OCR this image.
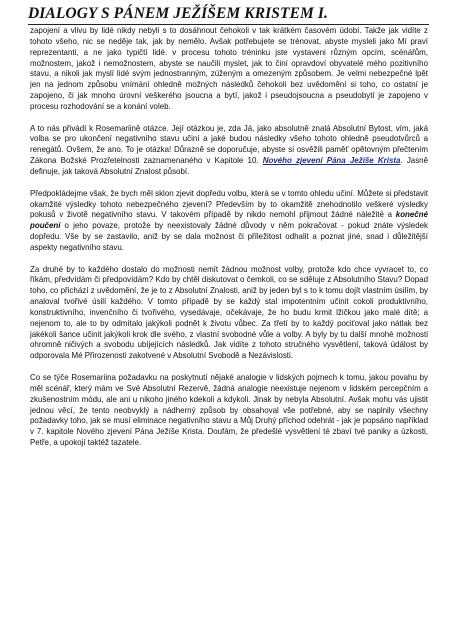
DIALOGY S PÁNEM JEŽÍŠEM KRISTEM I.

zapojení a vlivu by lidé nikdy nebyli s to dosáhnout čehokoli v tak krátkém časovém údobí. Takže jak vidíte z tohoto všeho, nic se neděje tak, jak by nemělo. Avšak potřebujete se trénovat, abyste mysleli jako Mí praví reprezentanti, a ne jako typičtí lidé. v procesu tohoto tréninku jste vystaveni různým opcím, scénářům, možnostem, jakož i nemožnostem, abyste se naučili myslet, jak to činí opravdoví obyvatelé mého pozitivního stavu, a nikoli jak myslí lidé svým jednostranným, zúženým a omezeným způsobem. Je velmi nebezpečné lpět jen na jednom způsobu vnímání ohledně možných následků čehokoli bez uvědomění si toho, co ostatní je zapojeno, či jak mnoho úrovní veškerého jsoucna a bytí, jakož i pseudojsoucna a pseudobytí je zapojeno v procesu rozhodování se a konání voleb.

A to nás přivádí k Rosemariině otázce. Její otázkou je, zda Já, jako absolutně znalá Absolutní Bytost, vím, jaká volba se pro ukončení negativního stavu učiní a jaké budou následky všeho tohoto ohledně pseudotvůrců a renegátů. Ovšem, že ano. To je otázka! Důrazně se doporučuje, abyste si osvěžili paměť opětovným přečtením Zákona Božské Prozřetelnosti zaznamenaného v Kapitole 10. Nového zjevení Pána Ježíše Krista. Jasně definuje, jak taková Absolutní Znalost působí.

Předpokládejme však, že bych měl sklon zjevit dopředu volbu, která se v tomto ohledu učiní. Můžete si představit okamžité výsledky tohoto nebezpečného zjevení? Především by to okamžitě znehodnotilo veškeré výsledky pokusů v životě negativního stavu. V takovém případě by nikdo nemohl přijmout žádné náležité a konečné poučení o jeho povaze, protože by neexistovaly žádné důvody v něm pokračovat - pokud znáte výsledek dopředu. Vše by se zastavilo, aniž by se dala možnost či příležitost odhalit a poznat jiné, snad i důležitější aspekty negativního stavu.

Za druhé by to každého dostalo do možnosti nemít žádnou možnost volby, protože kdo chce vyvracet to, co říkám, předvídám či předpovídám? Kdo by chtěl diskutovat o čemkoli, co se sděluje z Absolutního Stavu? Dopad toho, co přichází z uvědomění, že je to z Absolutní Znalosti, aniž by jeden byl s to k tomu dojít vlastním úsilím, by analoval tvořivé úsilí každého. V tomto případě by se každý stal impotentním učinit cokoli produktivního, konstruktivního, invenčního či tvořivého, vysedávaje, očekávaje, že ho budu krmit lžičkou jako malé dítě; a nejenom to, ale to by odmítalo jakýkoli podnět k životu vůbec. Za třetí by to každý pociťoval jako nátlak bez jakékoli šance učinit jakýkoli krok dle svého, z vlastní svobodné vůle a volby. A byly by tu další mnohé možnosti ohromně ničivých a svobodu ubíjejících následků. Jak vidíte z tohoto stručného vysvětlení, taková údálost by odporovala Mé Přirozenosti zakotvené v Absolutní Svobodě a Nezávislosti.

Co se týče Rosemariina požadavku na poskytnutí nějaké analogie v lidských pojmech k tomu, jakou povahu by měl scénář, který mám ve Své Absolutní Rezervě, žádná analogie neexistuje nejenom v lidském percepčním a zkušenostním módu, ale ani u nikoho jiného kdekoli a kdykoli. Jinak by nebyla Absolutní. Avšak mohu vás ujistit jednou věcí, že tento neobvyklý a nádherný způsob by obsahoval vše potřebné, aby se naplnily všechny požadavky toho, jak se musí eliminace negativního stavu a Můj Druhý příchod odehrát - jak je popsáno například v 7. kapitole Nového zjevení Pána Ježíše Krista. Doufám, že předešlé vysvětlení té zbaví tvé paniky a úzkosti, Petře, a upokojí taktéž tazatele.
